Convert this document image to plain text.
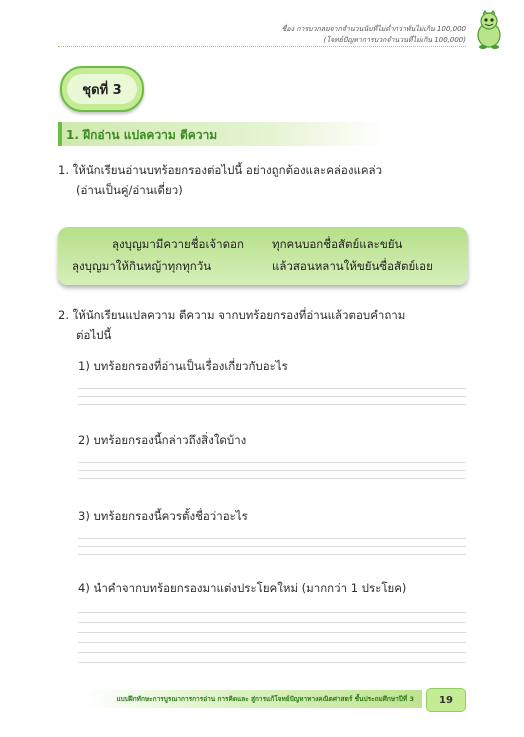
ชื่อง การบวกลบจากจำนวนนับที่ไม่ต่ำกว่าพันไม่เกิน 100,000
(โจทย์ปัญหาการบวกจำนวนที่ไม่เกิน 100,000)
ชุดที่ 3
1. ฝึกอ่าน แปลความ ตีความ
1. ให้นักเรียนอ่านบทร้อยกรองต่อไปนี้ อย่างถูกต้องและคล่องแคล่ว
(อ่านเป็นคู่/อ่านเดี่ยว)
ลุงบุญมามีควายชื่อเจ้าดอก ทุกคนบอกชื่อสัตย์และขยัน
ลุงบุญมาให้กินหญ้าทุกทุกวัน	แล้วสอนหลานให้ขยันซื่อสัตย์เอย
2. ให้นักเรียนแปลความ ตีความ จากบทร้อยกรองที่อ่านแล้วตอบคำถาม
ต่อไปนี้
1) บทร้อยกรองที่อ่านเป็นเรื่องเกี่ยวกับอะไร
2) บทร้อยกรองนี้กล่าวถึงสิ่งใดบ้าง
3) บทร้อยกรองนี้ควรตั้งชื่อว่าอะไร
4) นำคำจากบทร้อยกรองมาแต่งประโยคใหม่ (มากกว่า 1 ประโยค)
แบบฝึกทักษะการบูรณาการการอ่าน การคิดและ สู่การแก้โจทย์ปัญหาทางคณิตศาสตร์ ชั้นประถมศึกษาปีที่ 3	19
